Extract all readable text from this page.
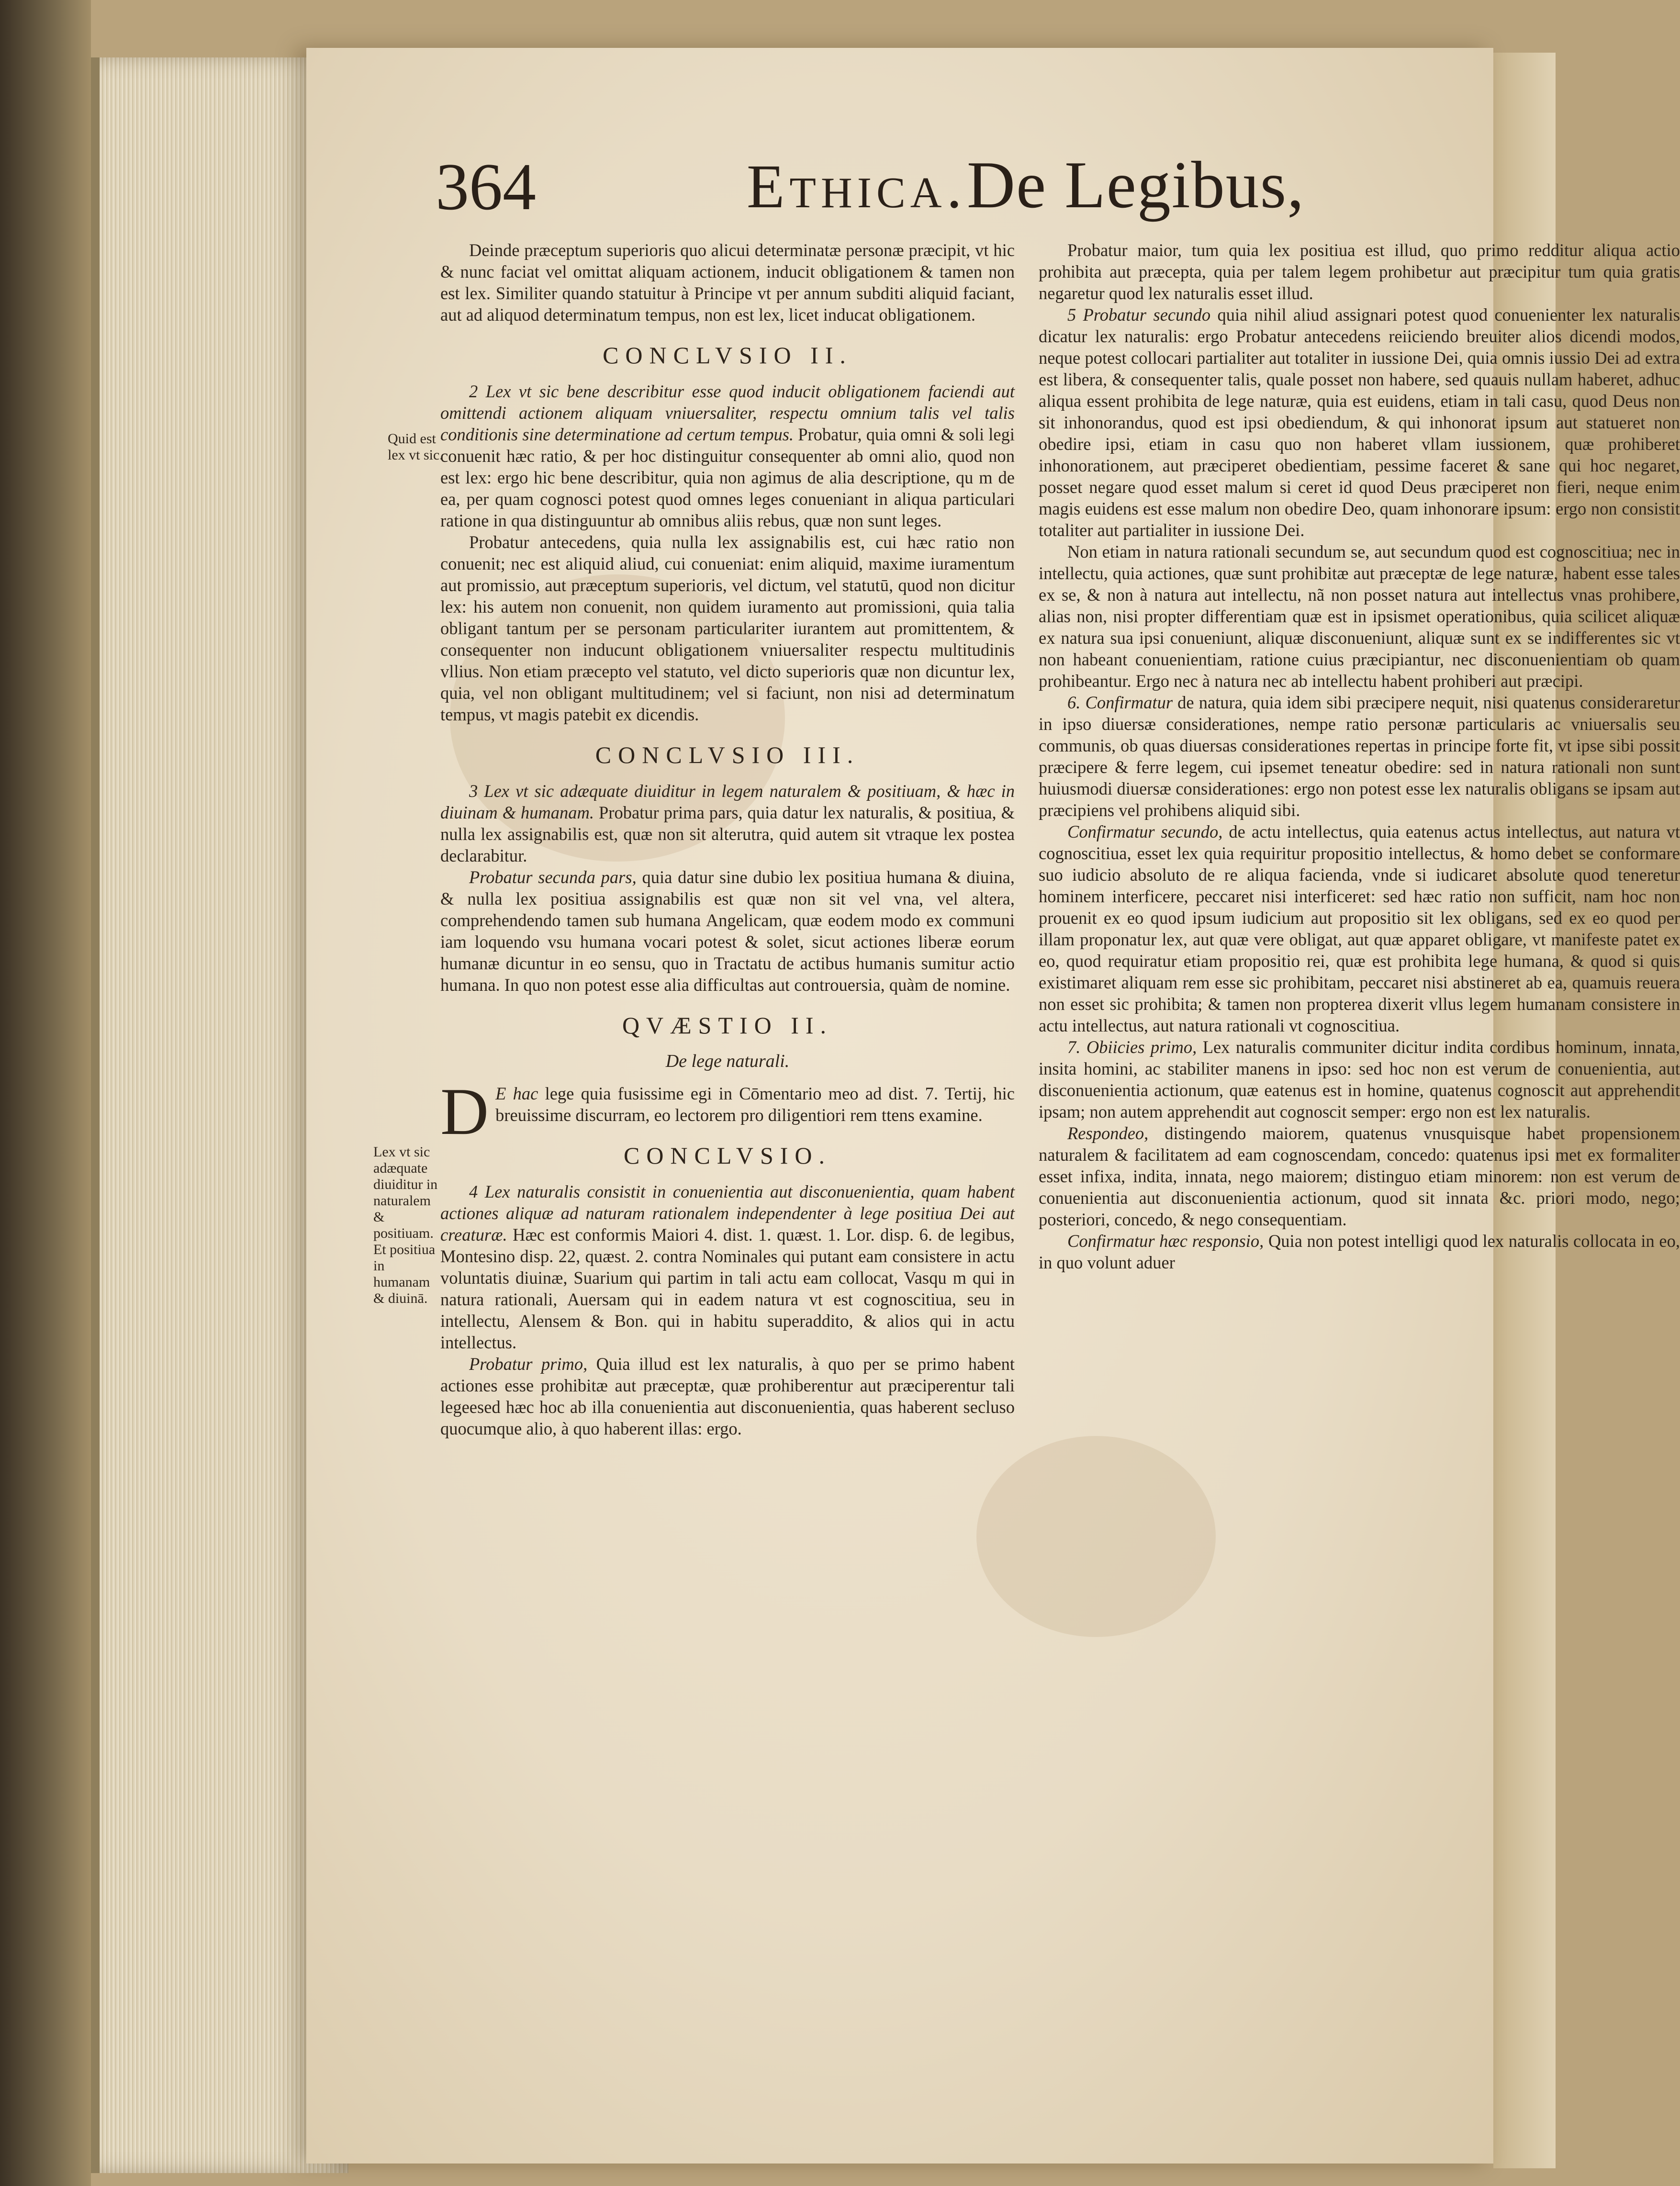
364	Ethica.De Legibus,
Quid est lex vt sic.
Lex vt sic adæquate diuiditur in naturalem & positiuam. Et positiua in humanam & diuinā.

Deinde præceptum superioris quo alicui determinatæ personæ præcipit, vt hic & nunc faciat vel omittat aliquam actionem, inducit obligationem & tamen non est lex. Similiter quando statuitur à Principe vt per annum subditi aliquid faciant, aut ad aliquod determinatum tempus, non est lex, licet inducat obligationem.

CONCLVSIO II.

2 Lex vt sic bene describitur esse quod inducit obligationem faciendi aut omittendi actionem aliquam vniuersaliter, respectu omnium talis vel talis conditionis sine determinatione ad certum tempus. Probatur, quia omni & soli legi conuenit hæc ratio, & per hoc distinguitur consequenter ab omni alio, quod non est lex: ergo hic bene describitur, quia non agimus de alia descriptione, qu m de ea, per quam cognosci potest quod omnes leges conueniant in aliqua particulari ratione in qua distinguuntur ab omnibus aliis rebus, quæ non sunt leges.

Probatur antecedens, quia nulla lex assignabilis est, cui hæc ratio non conuenit; nec est aliquid aliud, cui conueniat: enim aliquid, maxime iuramentum aut promissio, aut præceptum superioris, vel dictum, vel statutū, quod non dicitur lex: his autem non conuenit, non quidem iuramento aut promissioni, quia talia obligant tantum per se personam particulariter iurantem aut promittentem, & consequenter non inducunt obligationem vniuersaliter respectu multitudinis vllius. Non etiam præcepto vel statuto, vel dicto superioris quæ non dicuntur lex, quia, vel non obligant multitudinem; vel si faciunt, non nisi ad determinatum tempus, vt magis patebit ex dicendis.

CONCLVSIO III.

3 Lex vt sic adæquate diuiditur in legem naturalem & positiuam, & hæc in diuinam & humanam. Probatur prima pars, quia datur lex naturalis, & positiua, & nulla lex assignabilis est, quæ non sit alterutra, quid autem sit vtraque lex postea declarabitur.

Probatur secunda pars, quia datur sine dubio lex positiua humana & diuina, & nulla lex positiua assignabilis est quæ non sit vel vna, vel altera, comprehendendo tamen sub humana Angelicam, quæ eodem modo ex communi iam loquendo vsu humana vocari potest & solet, sicut actiones liberæ eorum humanæ dicuntur in eo sensu, quo in Tractatu de actibus humanis sumitur actio humana. In quo non potest esse alia difficultas aut controuersia, quàm de nomine.

QVÆSTIO II.
De lege naturali.

D E hac lege quia fusissime egi in Cōmentario meo ad dist. 7. Tertij, hic breuissime discurram, eo lectorem pro diligentiori rem ttens examine.

CONCLVSIO.

4 Lex naturalis consistit in conuenientia aut disconuenientia, quam habent actiones aliquæ ad naturam rationalem independenter à lege positiua Dei aut creaturæ. Hæc est conformis Maiori 4. dist. 1. quæst. 1. Lor. disp. 6. de legibus, Montesino disp. 22, quæst. 2. contra Nominales qui putant eam consistere in actu voluntatis diuinæ, Suarium qui partim in tali actu eam collocat, Vasqu m qui in natura rationali, Auersam qui in eadem natura vt est cognoscitiua, seu in intellectu, Alensem & Bon. qui in habitu superaddito, & alios qui in actu intellectus.

Probatur primo, Quia illud est lex naturalis, à quo per se primo habent actiones esse prohibitæ aut præceptæ, quæ prohiberentur aut præciperentur tali legeesed hæc hoc ab illa conuenientia aut disconuenientia, quas haberent secluso quocumque alio, à quo haberent illas: ergo.

Probatur maior, tum quia lex positiua est illud, quo primo redditur aliqua actio prohibita aut præcepta, quia per talem legem prohibetur aut præcipitur tum quia gratis negaretur quod lex naturalis esset illud.

5 Probatur secundo quia nihil aliud assignari potest quod conuenienter lex naturalis dicatur lex naturalis: ergo Probatur antecedens reiiciendo breuiter alios dicendi modos, neque potest collocari partialiter aut totaliter in iussione Dei, quia omnis iussio Dei ad extra est libera, & consequenter talis, quale posset non habere, sed quauis nullam haberet, adhuc aliqua essent prohibita de lege naturæ, quia est euidens, etiam in tali casu, quod Deus non sit inhonorandus, quod est ipsi obediendum, & qui inhonorat ipsum aut statueret non obedire ipsi, etiam in casu quo non haberet vllam iussionem, quæ prohiberet inhonorationem, aut præciperet obedientiam, pessime faceret & sane qui hoc negaret, posset negare quod esset malum si ceret id quod Deus præciperet non fieri, neque enim magis euidens est esse malum non obedire Deo, quam inhonorare ipsum: ergo non consistit totaliter aut partialiter in iussione Dei.

Non etiam in natura rationali secundum se, aut secundum quod est cognoscitiua; nec in intellectu, quia actiones, quæ sunt prohibitæ aut præceptæ de lege naturæ, habent esse tales ex se, & non à natura aut intellectu, nã non posset natura aut intellectus vnas prohibere, alias non, nisi propter differentiam quæ est in ipsismet operationibus, quia scilicet aliquæ ex natura sua ipsi conueniunt, aliquæ disconueniunt, aliquæ sunt ex se indifferentes sic vt non habeant conuenientiam, ratione cuius præcipiantur, nec disconuenientiam ob quam prohibeantur. Ergo nec à natura nec ab intellectu habent prohiberi aut præcipi.

6. Confirmatur de natura, quia idem sibi præcipere nequit, nisi quatenus consideraretur in ipso diuersæ considerationes, nempe ratio personæ particularis ac vniuersalis seu communis, ob quas diuersas considerationes repertas in principe forte fit, vt ipse sibi possit præcipere & ferre legem, cui ipsemet teneatur obedire: sed in natura rationali non sunt huiusmodi diuersæ considerationes: ergo non potest esse lex naturalis obligans se ipsam aut præcipiens vel prohibens aliquid sibi.

Confirmatur secundo, de actu intellectus, quia eatenus actus intellectus, aut natura vt cognoscitiua, esset lex quia requiritur propositio intellectus, & homo debet se conformare suo iudicio absoluto de re aliqua facienda, vnde si iudicaret absolute quod teneretur hominem interficere, peccaret nisi interficeret: sed hæc ratio non sufficit, nam hoc non prouenit ex eo quod ipsum iudicium aut propositio sit lex obligans, sed ex eo quod per illam proponatur lex, aut quæ vere obligat, aut quæ apparet obligare, vt manifeste patet ex eo, quod requiratur etiam propositio rei, quæ est prohibita lege humana, & quod si quis existimaret aliquam rem esse sic prohibitam, peccaret nisi abstineret ab ea, quamuis reuera non esset sic prohibita; & tamen non propterea dixerit vllus legem humanam consistere in actu intellectus, aut natura rationali vt cognoscitiua.

7. Obiicies primo, Lex naturalis communiter dicitur indita cordibus hominum, innata, insita homini, ac stabiliter manens in ipso: sed hoc non est verum de conuenientia, aut disconuenientia actionum, quæ eatenus est in homine, quatenus cognoscit aut apprehendit ipsam; non autem apprehendit aut cognoscit semper: ergo non est lex naturalis.

Respondeo, distingendo maiorem, quatenus vnusquisque habet propensionem naturalem & facilitatem ad eam cognoscendam, concedo: quatenus ipsi met ex formaliter esset infixa, indita, innata, nego maiorem; distinguo etiam minorem: non est verum de conuenientia aut disconuenientia actionum, quod sit innata &c. priori modo, nego; posteriori, concedo, & nego consequentiam.

Confirmatur hæc responsio, Quia non potest intelligi quod lex naturalis collocata in eo, in quo volunt aduer
